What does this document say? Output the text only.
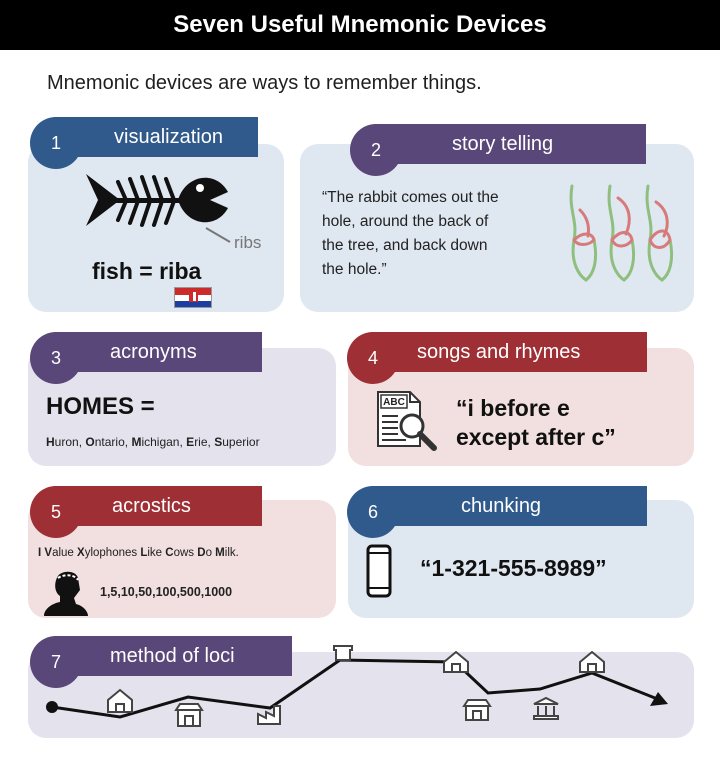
Seven Useful Mnemonic Devices
Mnemonic devices are ways to remember things.
visualization
1
ribs
fish = riba
story telling
2
“The rabbit comes out the
hole, around the back of
the tree, and back down
the hole.”
acronyms
3
HOMES =
Huron, Ontario, Michigan, Erie, Superior
songs and rhymes
4
ABC “i before e
except after c”
acrostics
5
I Value Xylophones Like Cows Do Milk.
1,5,10,50,100,500,1000
chunking
6
“1-321-555-8989”
method of loci
7
